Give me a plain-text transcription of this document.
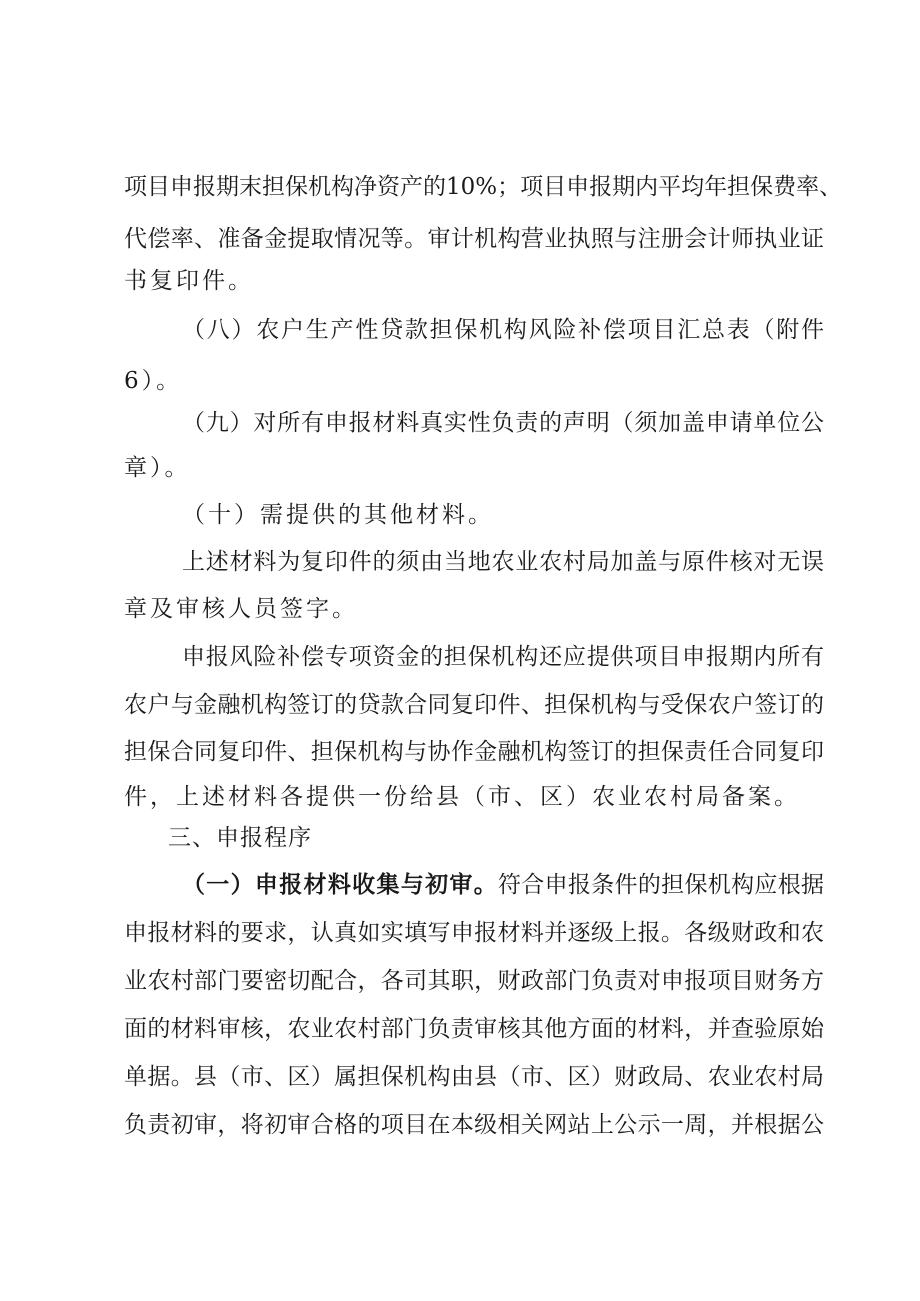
项目申报期末担保机构净资产的10%；项目申报期内平均年担保费率、
代偿率、准备金提取情况等。审计机构营业执照与注册会计师执业证
书复印件。
（八）农户生产性贷款担保机构风险补偿项目汇总表（附件
6）。
（九）对所有申报材料真实性负责的声明（须加盖申请单位公
章）。
（十）需提供的其他材料。
上述材料为复印件的须由当地农业农村局加盖与原件核对无误
章及审核人员签字。
申报风险补偿专项资金的担保机构还应提供项目申报期内所有
农户与金融机构签订的贷款合同复印件、担保机构与受保农户签订的
担保合同复印件、担保机构与协作金融机构签订的担保责任合同复印
件，上述材料各提供一份给县（市、区）农业农村局备案。
三、申报程序
（一）申报材料收集与初审。符合申报条件的担保机构应根据
申报材料的要求，认真如实填写申报材料并逐级上报。各级财政和农
业农村部门要密切配合，各司其职，财政部门负责对申报项目财务方
面的材料审核，农业农村部门负责审核其他方面的材料，并查验原始
单据。县（市、区）属担保机构由县（市、区）财政局、农业农村局
负责初审，将初审合格的项目在本级相关网站上公示一周，并根据公
